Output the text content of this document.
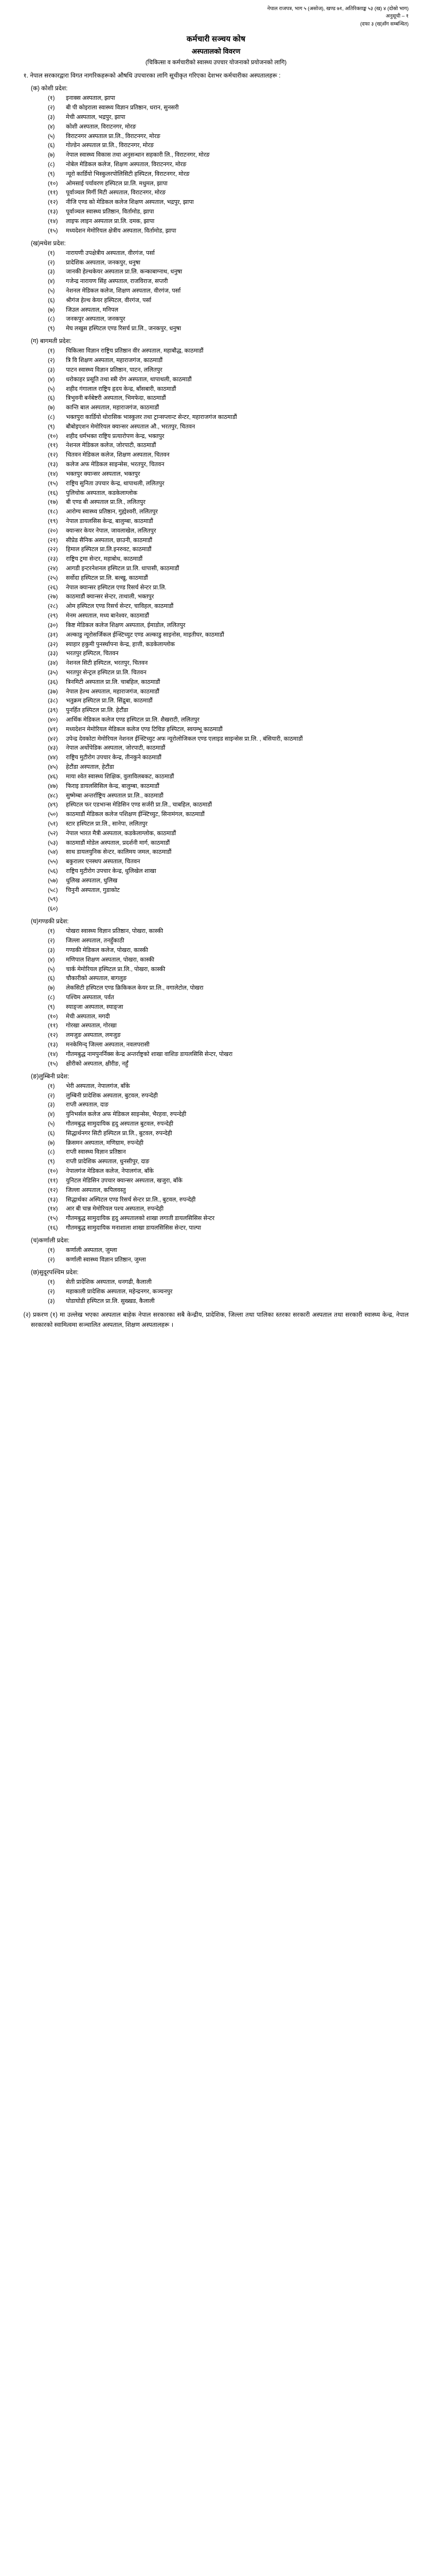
नेपाल राजपत्र, भाग ५ (असाेज), खण्ड ७१, अतिरिक्ताङ्क ५३ (ख) ४ (दोस्रो भाग)
अनुसूची – १
(दफा ३ (ख)सँग सम्बन्धित)
कर्मचारी सञ्चय कोष
अस्पतालको विवरण
(चिकित्सा व कर्मचारीको स्वास्थ्य उपचार योजनाको प्रयोजनको लागि)
१. नेपाल सरकारद्वारा विगत नागरिकहरूको औषधि उपचारका लागि सूचीकृत गरिएका देशभर कर्मचारीका अस्पतालहरू :
(क) कोशी प्रदेश:
(१)	इनाक्स अस्पताल, झापा
(२)	बी पी कोइराला स्वास्थ्य विज्ञान प्रतिष्ठान, धरान, सुनसरी
(३)	मेची अस्पताल, भद्रपुर, झापा
(४)	कोशी अस्पताल, विराटनगर, मोरङ
(५)	विराटनगर अस्पताल प्रा.लि., विराटनगर, मोरङ
(६)	गोल्डेन अस्पताल प्रा.लि., विराटनगर, मोरङ
(७)	नेपाल स्वास्थ्य विकास तथा अनुसन्धान सहकारी लि., विराटनगर, मोरङ
(८)	नोबेल मेडिकल कलेज, शिक्षण अस्पताल, विराटनगर, मोरङ
(९)	न्यूरो कार्डियो भिस्कुलरपोलिसिटी हस्पिटल, विराटनगर, मोरङ
(१०)	ओमसाई पर्यावरण हस्पिटल प्रा.लि. मधुमल, झापा
(११)	पूर्वाञ्चल मिर्गी मिटी अस्पताल, विराटनगर, मोरङ
(१२)	नीजि एण्ड को मेडिकल कलेज शिक्षण अस्पताल, भद्रपुर, झापा
(१३)	पूर्वाञ्चल स्वास्थ्य प्रतिष्ठान, विर्तामोड, झापा
(१४)	लाइफ लाइन अस्पताल प्रा.लि. दमक, झापा
(१५)	मध्यदेशन मेमोरियल क्षेत्रीय अस्पताल, विर्तामोड, झापा
(ख)मधेश प्रदेश:
(१)	नारायणी उपक्षेत्रीय अस्पताल, वीरगंज, पर्सा
(२)	प्रादेशिक अस्पताल, जनकपुर, धनुषा
(३)	जानकी हेल्थकेयर अस्पताल प्रा.लि. कन्काबाग्नाथ, धनुषा
(४)	गजेन्द्र नारायण सिंह अस्पताल, राजविराज, सप्तरी
(५)	नेशनल मेडिकल कलेज, शिक्षण अस्पताल, वीरगंज, पर्सा
(६)	श्रीगंज हेल्थ केयर हस्पिटल, वीरगंज, पर्सा
(७)	जिउल अस्पताल, मनिपल
(८)	जनकपुर अस्पताल, जनकपुर
(९)	मेघ लखुस हस्पिटल एण्ड रिसर्च प्रा.लि., जनकपुर, धनुषा
(ग) बागमती प्रदेश:
(१)	चिकित्सा विज्ञान राष्ट्रिय प्रतिष्ठान वीर अस्पताल, महाबौद्ध, काठमाडौं
(२)	त्रि वि शिक्षण अस्पताल, महाराजगंज, काठमाडौं
(३)	पाटन स्वास्थ्य विज्ञान प्रतिष्ठान, पाटन, ललितपुर
(४)	धरोकाहर प्रसूति तथा स्त्री रोग अस्पताल, थापाथली, काठमाडौं
(५)	शहीद गंगालाल राष्ट्रिय हृदय केन्द्र, बाँसबारी, काठमाडौं
(६)	त्रिभुवनी बर्नबेष्टरी अस्पताल, भिमफेदा, काठमाडौं
(७)	कान्ति बाल अस्पताल, महाराजगंज, काठमाडौं
(८)	भक्तपुरा कार्डियो थोरासिक भास्कुलर तथा ट्रान्सप्लान्ट सेन्टर, महाराजगंज काठमाडौं
(९)	बौबोइएशन मेमोरियल क्यान्सर अस्पताल औ., भरतपुर, चितवन
(१०)	शहीद धर्मभक्त राष्ट्रिय प्रत्यारोपण केन्द्र, भक्तपुर
(११)	नेशनल मेडिकल कलेज, जोरपाटी, काठमाडौं
(१२)	चितवन मेडिकल कलेज, शिक्षण अस्पताल, चितवन
(१३)	कलेज अफ मेडिकल साइन्सेस, भरतपुर, चितवन
(१४)	भक्तपुर क्यान्सर अस्पताल, भक्तपुर
(१५)	राष्ट्रिय सुनिता उपचार केन्द्र, थापाथली, ललितपुर
(१६)	पुलिचोक अस्पताल, कडकेलाग्लोक
(१७)	बी एण्ड बी अस्पताल प्रा.लि., ललितपुर
(१८)	आरोग्य स्वास्थ्य प्रतिष्ठान, गुह्येश्वरी, ललितपुर
(१९)	नेपाल डायलसिस केन्द्र, बालुम्बा, काठमाडौं
(२०)	क्यान्सर केयर नेपाल, जावलाखेल, ललितपुर
(२१)	सीप्रेड सैनिक अस्पताल, छाउनी, काठमाडौं
(२२)	हिमाल हस्पिटल प्रा.लि.इनरुवट, काठमाडौं
(२३)	राष्ट्रिय ट्रमा सेन्टर, महाबोध, काठमाडौं
(२४)	आगडी इन्टरनेशनल हस्पिटल प्रा.लि. धापासी, काठमाडौं
(२५)	सर्वोदा हस्पिटल प्रा.लि. बल्खु, काठमाडौं
(२६)	नेपाल क्यान्सर हस्पिटल एण्ड रिसर्च सेन्टर प्रा.लि.
(२७)	काठमाडौं क्यान्सर सेन्टर, ताथाली, भक्तपुर
(२८)	ओम हस्पिटल एण्ड रिसर्च सेन्टर, चाविहल, काठमाडौं
(२९)	मेनम अस्पताल, मध्य बानेश्वर, काठमाडौं
(३०)	किष्ट मेडिकल कलेज शिक्षण अस्पताल, ईमाडोल, ललितपुर
(३१)	अल्काडु न्यूरोसर्जिकल ईन्स्टिच्युट एण्ड अल्काडु साइनोस, माइतीघर, काठमाडौं
(३२)	स्याहार हकुमी पुनर्स्थापना केन्द्र, हात्ती, कडकेलाग्लोक
(३३)	भरतपुर हस्पिटल, चितवन
(३४)	नेशनल सिटी हस्पिटल, भरतपुर, चितवन
(३५)	भरतपुर सेन्ट्रल हस्पिटल प्रा.लि. चितवन
(३६)	त्रिनमिटी अस्पताल प्रा.लि. चाबहिल, काठमाडौं
(३७)	नेपाल हेल्थ अस्पताल, महाराजगंज, काठमाडौं
(३८)	भतुक्रम हस्पिटल प्रा.लि. सिंद्रुबा, काठमाडौं
(३९)	पुनर्हित हस्पिटल प्रा.लि. हेटौंडा
(४०)	आर्थिक मेडिकल कलेज एण्ड हस्पिटल प्रा.लि. शैखराटी, ललितपुर
(४१)	मध्यदेशन मेमोरियल मेडिकल कलेज एण्ड टिचिङ हस्पिटल, स्वयम्भू काठमाडौं
(४२)	उपेन्द्र देवकोटा मेमोरियल नेशनल ईन्स्टिच्युट अफ न्यूरोलोजिकल एण्ड एलाइड साइन्सेस प्रा.लि. , बंसियारी, काठमाडौं
(४३)	नेपाल अर्थोपेडिक अस्पताल, जोरपाटी, काठमाडौं
(४४)	राष्ट्रिय मुटीरोग उपचार केन्द्र, तीनकुने काठमाडौं
(४५)	हेटौंडा अस्पताल, हेटौंडा
(४६)	माया श्वेत स्वास्थ्य शिक्षिक, वुलाविलबकट, काठमाडौं
(४७)	फिराइ डायलसिसिल केन्द्र, बालुम्बा, काठमाडौं
(४८)	सुष्मेम्बा अन्तर्राष्ट्रिय अस्पताल प्रा.लि., काठमाडौं
(४९)	हस्पिटल फर एडभान्स मेडिसिन एण्ड सर्जरी प्रा.लि., चाबहिल, काठमाडौं
(५०)	काठमाडौं मेडिकल कलेज पशिक्षण ईन्स्टिच्युट, सिनामंगल, काठमाडौं
(५१)	स्टार हस्पिटल प्रा.लि., सानेपा, ललितपुर
(५२)	नेपाल भारत मैत्री अस्पताल, कडकेलाग्लोक, काठमाडौं
(५३)	काठमाडौं मोडेल अस्पताल, प्रदर्शनी मार्ग, काठमाडौं
(५४)	साथ डायलयुनिक सेन्टर, कालिमय जमल, काठमाडौं
(५५)	बकुरालर एनस्थप अस्पताल, चितवन
(५६)	राष्ट्रिय मुटीरोग उपचार केन्द्र, धुलिखेल शाखा
(५७)	धुलिख अस्पताल, धुलिख
(५८)	चिनुनी अस्पताल, गुडाकोट
(५९)
(६०)
(घ)गण्डकी प्रदेश:
(१)	पोखरा स्वास्थ्य विज्ञान प्रतिष्ठान, पोखरा, कास्की
(२)	जिल्ला अस्पताल, तनहुँकाठी
(३)	गण्डकी मेडिकल कलेज, पोखरा, कास्की
(४)	मणिपाल शिक्षण अस्पताल, पोखरा, कास्की
(५)	चार्क मेमोरियल हस्पिटल प्रा.लि., पोखरा, कास्की
(६)	चौकारीको अस्पताल, बागलुङ
(७)	लेकसिटी हस्पिटल एण्ड क्रिकिकल केयर प्रा.लि., वगालेटोल, पोखरा
(८)	पश्चिम अस्पताल, पर्वत
(९)	स्याङ्जा अस्पताल, स्याङ्जा
(१०)	मेची अस्पताल, मगदी
(११)	गोरखा अस्पताल, गोरखा
(१२)	लमजुङ अस्पताल, लमजुङ
(१३)	मनकेमिन्द् जिल्ला अस्पताल, नवलपरासी
(१४)	गौतमबुद्ध नामपुनर्निक्स केन्द्र अन्तर्राष्ट्रको शाखा वाशिङ डायलसिसि सेन्टर, पोखरा
(१५)	क्षीरीको अस्पताल, क्षीरीङ, नर्हुँ
(ङ)लुम्बिनी प्रदेश:
(१)	भेरी अस्पताल, नेपालगंज, बाँके
(२)	लुम्बिनी प्रादेशिक अस्पताल, बुटवल, रुपन्देही
(३)	राप्ती अस्पताल, दाङ
(४)	युनिभर्सल कलेज अफ मेडिकल साइन्सेस, भैरहवा, रुपन्देही
(५)	गौतमबुद्ध सामुदायिक हृदु अस्पताल बुटवल, रुपन्देही
(६)	सिद्धार्थनगर सिटी हस्पिटल प्रा.लि., बुटवल, रुपन्देही
(७)	क्रिसमन अस्पताल, मणिग्राम, रुपन्देही
(८)	राप्ती स्वास्थ्य विज्ञान प्रतिष्ठान
(९)	राप्ती प्रादेशिक अस्पताल, धुनसीपुर, दाङ
(१०)	नेपालगंज मेडिकल कलेज, नेपालगंज, बाँके
(११)	युनिटल मेडिसिन उपचार क्यान्सर अस्पताल, खजुरा, बाँके
(१२)	जिल्ला अस्पताल, कपिलवस्तु
(१३)	सिद्धार्थका अस्पिटल एण्ड रिसर्च सेन्टर प्रा.लि., बुटवल, रुपन्देही
(१४)	आर बी चान्न मेमोरियल पश्च अस्पताल, रुपन्देही
(१५)	गौतमबुद्ध सामुदायिक हृदु अस्पतालको शाखा लगाती डायलसिसिस सेन्टर
(१६)	गौतमबुद्ध सामुदायिक मनाशाला शाखा डायलसिसिस सेन्टर, पाल्पा
(च)कर्णाली प्रदेश:
(१)	कर्णाली अस्पताल, जुम्ला
(२)	कर्णाली स्वास्थ्य विज्ञान प्रतिष्ठान, जुम्ला
(छ)सुदूरपश्चिम प्रदेश:
(१)	सेती प्रादेशिक अस्पताल, धनगढी, कैलाली
(२)	महाकाली प्रादेशिक अस्पताल, महेन्द्रनगर, कञ्चनपुर
(३)	घोडाघोडी हस्पिटल प्रा.लि. सुख्खड, कैलाली
(२) प्रकरण (१) मा उल्लेख भएका अस्पताल बाहेक नेपाल सरकारका सबै केन्द्रीय, प्रादेशिक, जिल्ला तथा पालिका स्तरका सरकारी अस्पताल तथा सरकारी स्वास्थ्य केन्द्र, नेपाल सरकारको स्वामित्वमा सञ्चालित अस्पताल, शिक्षण अस्पतालहरू ।
